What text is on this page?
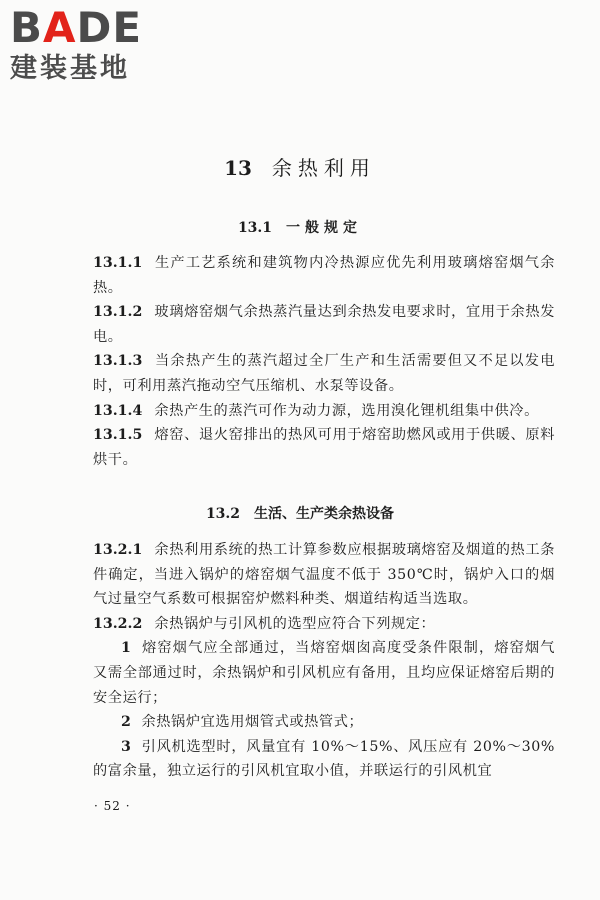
BADE
建装基地
13 余热利用
13.1 一般规定

13.1.1 生产工艺系统和建筑物内冷热源应优先利用玻璃熔窑烟气余热。

13.1.2 玻璃熔窑烟气余热蒸汽量达到余热发电要求时，宜用于余热发电。

13.1.3 当余热产生的蒸汽超过全厂生产和生活需要但又不足以发电时，可利用蒸汽拖动空气压缩机、水泵等设备。

13.1.4 余热产生的蒸汽可作为动力源，选用溴化锂机组集中供冷。

13.1.5 熔窑、退火窑排出的热风可用于熔窑助燃风或用于供暖、原料烘干。

13.2 生活、生产类余热设备

13.2.1 余热利用系统的热工计算参数应根据玻璃熔窑及烟道的热工条件确定，当进入锅炉的熔窑烟气温度不低于 350℃时，锅炉入口的烟气过量空气系数可根据窑炉燃料种类、烟道结构适当选取。

13.2.2 余热锅炉与引风机的选型应符合下列规定：

1 熔窑烟气应全部通过，当熔窑烟囱高度受条件限制，熔窑烟气又需全部通过时，余热锅炉和引风机应有备用，且均应保证熔窑后期的安全运行；

2 余热锅炉宜选用烟管式或热管式；

3 引风机选型时，风量宜有 10%～15%、风压应有 20%～30%的富余量，独立运行的引风机宜取小值，并联运行的引风机宜

· 52 ·
